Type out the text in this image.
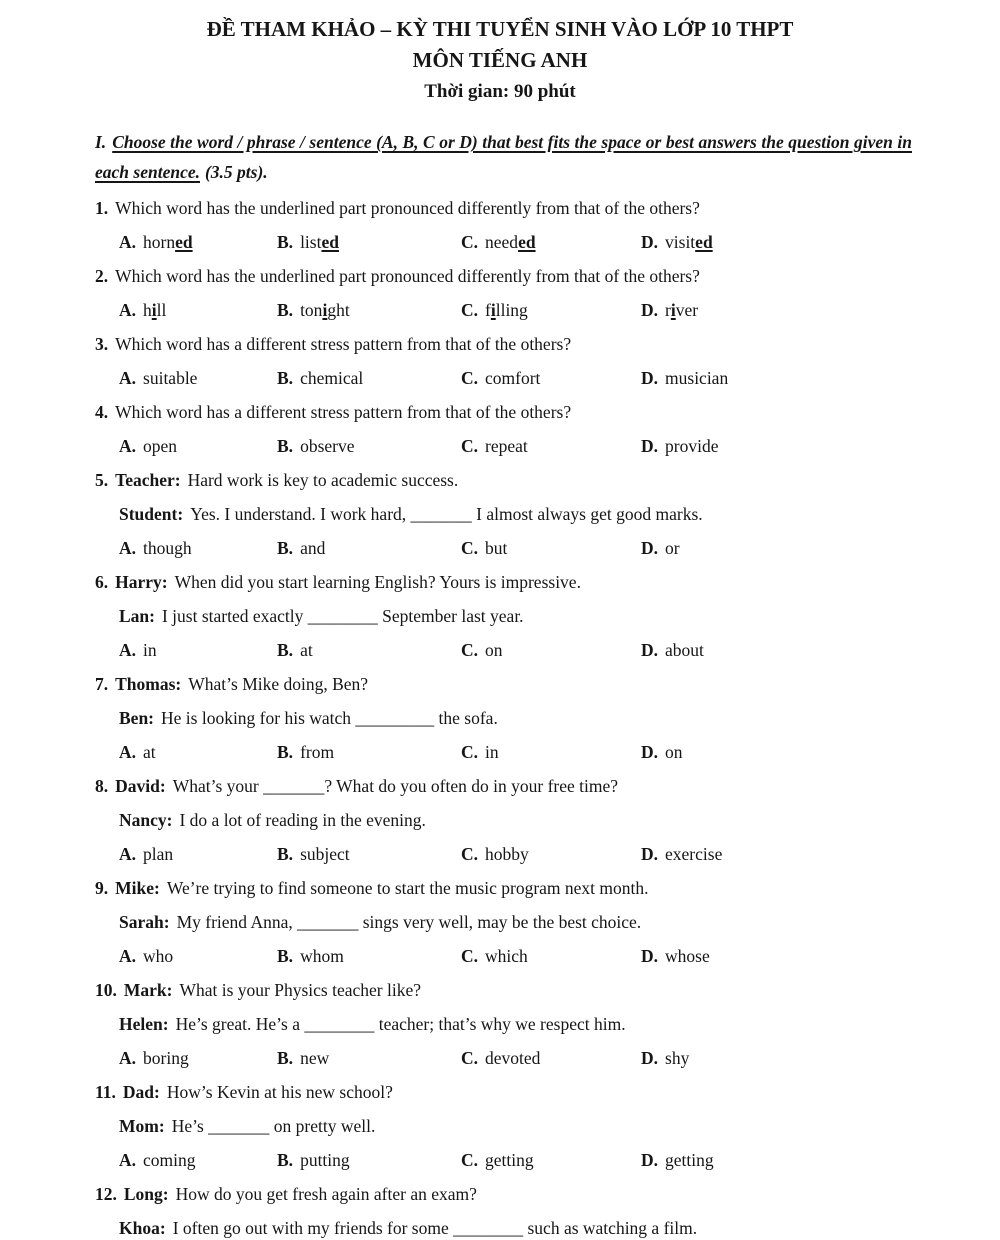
ĐỀ THAM KHẢO – KỲ THI TUYỂN SINH VÀO LỚP 10 THPT
MÔN TIẾNG ANH
Thời gian: 90 phút

I. Choose the word / phrase / sentence (A, B, C or D) that best fits the space or best answers the question given in each sentence. (3.5 pts).

1. Which word has the underlined part pronounced differently from that of the others?

A. horned	B. listed	C. needed	D. visited

2. Which word has the underlined part pronounced differently from that of the others?

A. hill	B. tonight	C. filling	D. river

3. Which word has a different stress pattern from that of the others?

A. suitable	B. chemical	C. comfort	D. musician

4. Which word has a different stress pattern from that of the others?

A. open	B. observe	C. repeat	D. provide

5. Teacher: Hard work is key to academic success.

Student: Yes. I understand. I work hard, _______ I almost always get good marks.

A. though	B. and	C. but	D. or

6. Harry: When did you start learning English? Yours is impressive.

Lan: I just started exactly ________ September last year.

A. in	B. at	C. on	D. about

7. Thomas: What’s Mike doing, Ben?

Ben: He is looking for his watch _________ the sofa.

A. at	B. from	C. in	D. on

8. David: What’s your _______? What do you often do in your free time?

Nancy: I do a lot of reading in the evening.

A. plan	B. subject	C. hobby	D. exercise

9. Mike: We’re trying to find someone to start the music program next month.

Sarah: My friend Anna, _______ sings very well, may be the best choice.

A. who	B. whom	C. which	D. whose

10. Mark: What is your Physics teacher like?

Helen: He’s great. He’s a ________ teacher; that’s why we respect him.

A. boring	B. new	C. devoted	D. shy

11. Dad: How’s Kevin at his new school?

Mom: He’s _______ on pretty well.

A. coming	B. putting	C. getting	D. getting

12. Long: How do you get fresh again after an exam?

Khoa: I often go out with my friends for some ________ such as watching a film.
